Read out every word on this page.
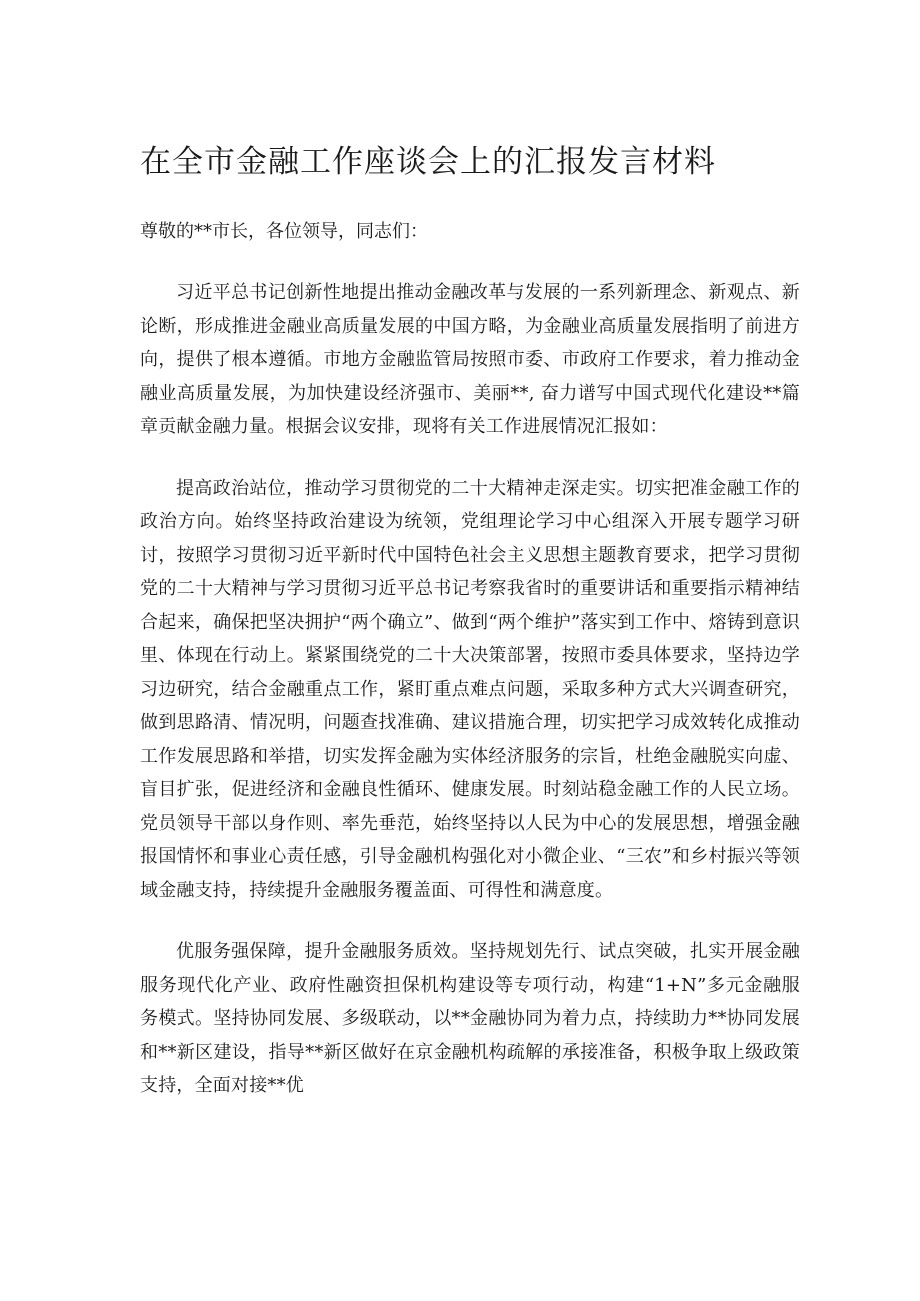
在全市金融工作座谈会上的汇报发言材料

尊敬的**市长，各位领导，同志们：

习近平总书记创新性地提出推动金融改革与发展的一系列新理念、新观点、新论断，形成推进金融业高质量发展的中国方略，为金融业高质量发展指明了前进方向，提供了根本遵循。市地方金融监管局按照市委、市政府工作要求，着力推动金融业高质量发展，为加快建设经济强市、美丽**, 奋力谱写中国式现代化建设**篇章贡献金融力量。根据会议安排，现将有关工作进展情况汇报如：

提高政治站位，推动学习贯彻党的二十大精神走深走实。切实把准金融工作的政治方向。始终坚持政治建设为统领，党组理论学习中心组深入开展专题学习研讨，按照学习贯彻习近平新时代中国特色社会主义思想主题教育要求，把学习贯彻党的二十大精神与学习贯彻习近平总书记考察我省时的重要讲话和重要指示精神结合起来，确保把坚决拥护“两个确立”、做到“两个维护”落实到工作中、熔铸到意识里、体现在行动上。紧紧围绕党的二十大决策部署，按照市委具体要求，坚持边学习边研究，结合金融重点工作，紧盯重点难点问题，采取多种方式大兴调查研究，做到思路清、情况明，问题查找准确、建议措施合理，切实把学习成效转化成推动工作发展思路和举措，切实发挥金融为实体经济服务的宗旨，杜绝金融脱实向虚、盲目扩张，促进经济和金融良性循环、健康发展。时刻站稳金融工作的人民立场。党员领导干部以身作则、率先垂范，始终坚持以人民为中心的发展思想，增强金融报国情怀和事业心责任感，引导金融机构强化对小微企业、“三农”和乡村振兴等领域金融支持，持续提升金融服务覆盖面、可得性和满意度。

优服务强保障，提升金融服务质效。坚持规划先行、试点突破，扎实开展金融服务现代化产业、政府性融资担保机构建设等专项行动，构建“1+N”多元金融服务模式。坚持协同发展、多级联动，以**金融协同为着力点，持续助力**协同发展和**新区建设，指导**新区做好在京金融机构疏解的承接准备，积极争取上级政策支持，全面对接**优
